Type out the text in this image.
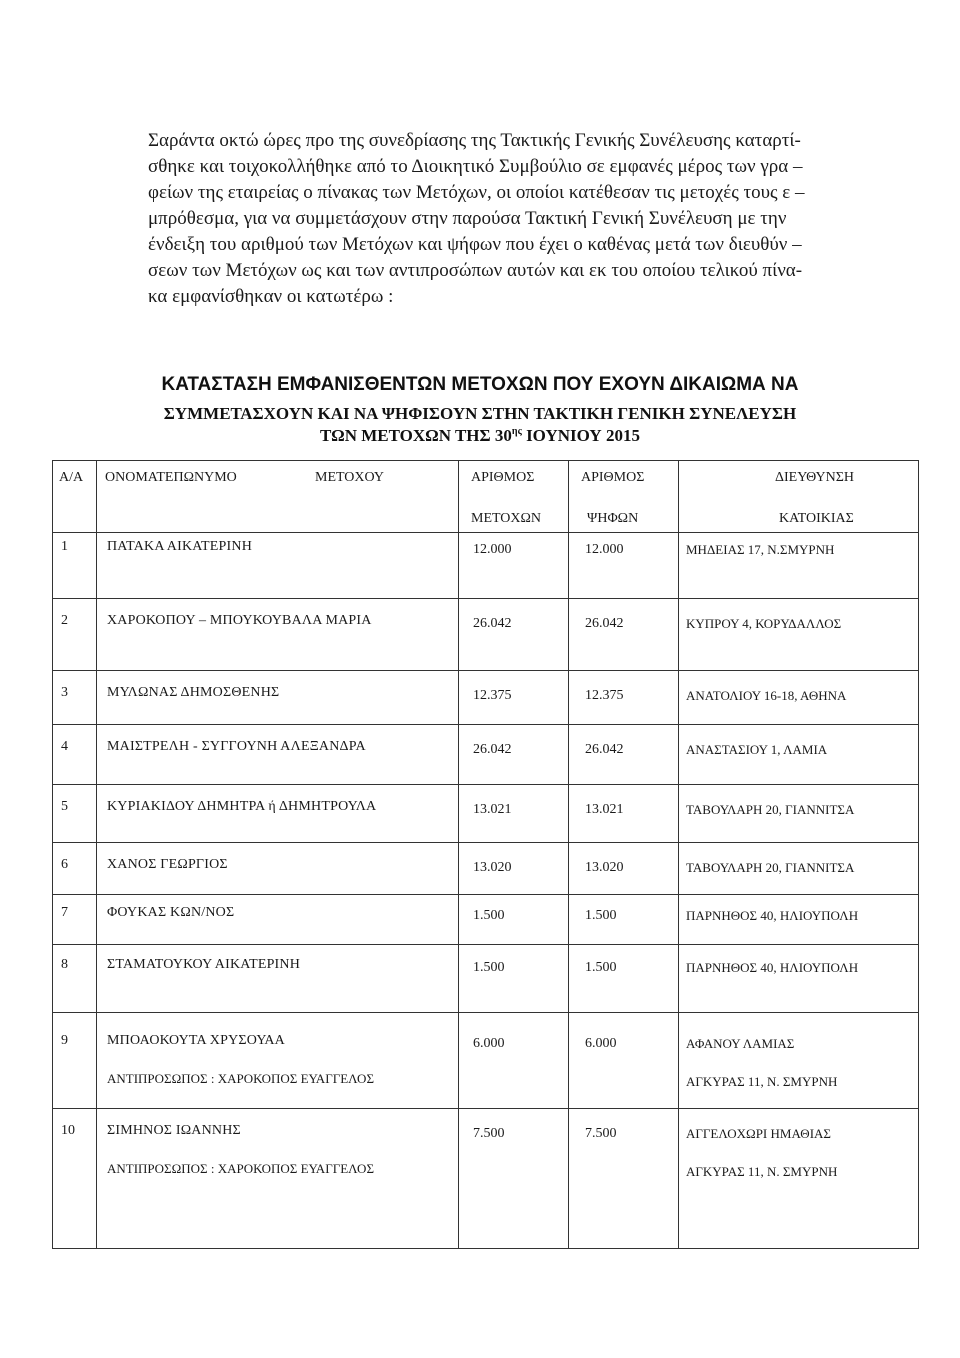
Σαράντα οκτώ ώρες προ της συνεδρίασης της Τακτικής Γενικής Συνέλευσης καταρτί-
σθηκε και τοιχοκολλήθηκε από το Διοικητικό Συμβούλιο σε εμφανές μέρος των γρα –
φείων της εταιρείας ο πίνακας των Μετόχων, οι οποίοι κατέθεσαν τις μετοχές τους ε –
μπρόθεσμα, για να συμμετάσχουν στην παρούσα Τακτική Γενική Συνέλευση με την
ένδειξη του αριθμού των Μετόχων και ψήφων που έχει ο καθένας μετά των διευθύν –
σεων των Μετόχων ως και των αντιπροσώπων αυτών και εκ του οποίου τελικού πίνα-
κα εμφανίσθηκαν οι κατωτέρω :
ΚΑΤΑΣΤΑΣΗ ΕΜΦΑΝΙΣΘΕΝΤΩΝ ΜΕΤΟΧΩΝ ΠΟΥ ΕΧΟΥΝ ΔΙΚΑΙΩΜΑ ΝΑ
ΣΥΜΜΕΤΑΣΧΟΥΝ ΚΑΙ ΝΑ ΨΗΦΙΣΟΥΝ ΣΤΗΝ ΤΑΚΤΙΚΗ ΓΕΝΙΚΗ ΣΥΝΕΛΕΥΣΗ
ΤΩΝ ΜΕΤΟΧΩΝ ΤΗΣ $30^{\eta\varsigma}$ ΙΟΥΝΙΟΥ 2015
Α/Α ΟΝΟΜΑΤΕΠΩΝΥΜΟ	ΜΕΤΟΧΟΥ	ΑΡΙΘΜΟΣ	ΑΡΙΘΜΟΣ	ΔΙΕΥΘΥΝΣΗ
ΜΕΤΟΧΩΝ	ΨΗΦΩΝ	ΚΑΤΟΙΚΙΑΣ
1	ΠΑΤΑΚΑ ΑΙΚΑΤΕΡΙΝΗ	12.000	12.000	ΜΗΔΕΙΑΣ 17, Ν.ΣΜΥΡΝΗ
2	ΧΑΡΟΚΟΠΟΥ – ΜΠΟΥΚΟΥΒΑΛΑ ΜΑΡΙΑ	26.042	26.042	ΚΥΠΡΟΥ 4, ΚΟΡΥΔΑΛΛΟΣ
3	ΜΥΛΩΝΑΣ ΔΗΜΟΣΘΕΝΗΣ	12.375	12.375	ΑΝΑΤΟΛΙΟΥ 16-18, ΑΘΗΝΑ
4	ΜΑΙΣΤΡΕΛΗ - ΣΥΓΓΟΥΝΗ ΑΛΕΞΑΝΔΡΑ	26.042	26.042	ΑΝΑΣΤΑΣΙΟΥ 1, ΛΑΜΙΑ
5	ΚΥΡΙΑΚΙΔΟΥ ΔΗΜΗΤΡΑ ή ΔΗΜΗΤΡΟΥΛΑ	13.021	13.021	ΤΑΒΟΥΛΑΡΗ 20, ΓΙΑΝΝΙΤΣΑ
6	ΧΑΝΟΣ ΓΕΩΡΓΙΟΣ	13.020	13.020	ΤΑΒΟΥΛΑΡΗ 20, ΓΙΑΝΝΙΤΣΑ
7	ΦΟΥΚΑΣ ΚΩΝ/ΝΟΣ	1.500	1.500	ΠΑΡΝΗΘΟΣ 40, ΗΛΙΟΥΠΟΛΗ
8	ΣΤΑΜΑΤΟΥΚΟΥ ΑΙΚΑΤΕΡΙΝΗ	1.500	1.500	ΠΑΡΝΗΘΟΣ 40, ΗΛΙΟΥΠΟΛΗ
9	ΜΠΟΑΟΚΟΥΤΑ ΧΡΥΣΟΥΑΑ	6.000	6.000	ΑΦΑΝΟΥ ΛΑΜΙΑΣ
ΑΝΤΙΠΡΟΣΩΠΟΣ : ΧΑΡΟΚΟΠΟΣ ΕΥΑΓΓΕΛΟΣ	ΑΓΚΥΡΑΣ 11, Ν. ΣΜΥΡΝΗ
10 ΣΙΜΗΝΟΣ ΙΩΑΝΝΗΣ	7.500	7.500	ΑΓΓΕΛΟΧΩΡΙ ΗΜΑΘΙΑΣ
ΑΝΤΙΠΡΟΣΩΠΟΣ : ΧΑΡΟΚΟΠΟΣ ΕΥΑΓΓΕΛΟΣ	ΑΓΚΥΡΑΣ 11, Ν. ΣΜΥΡΝΗ
